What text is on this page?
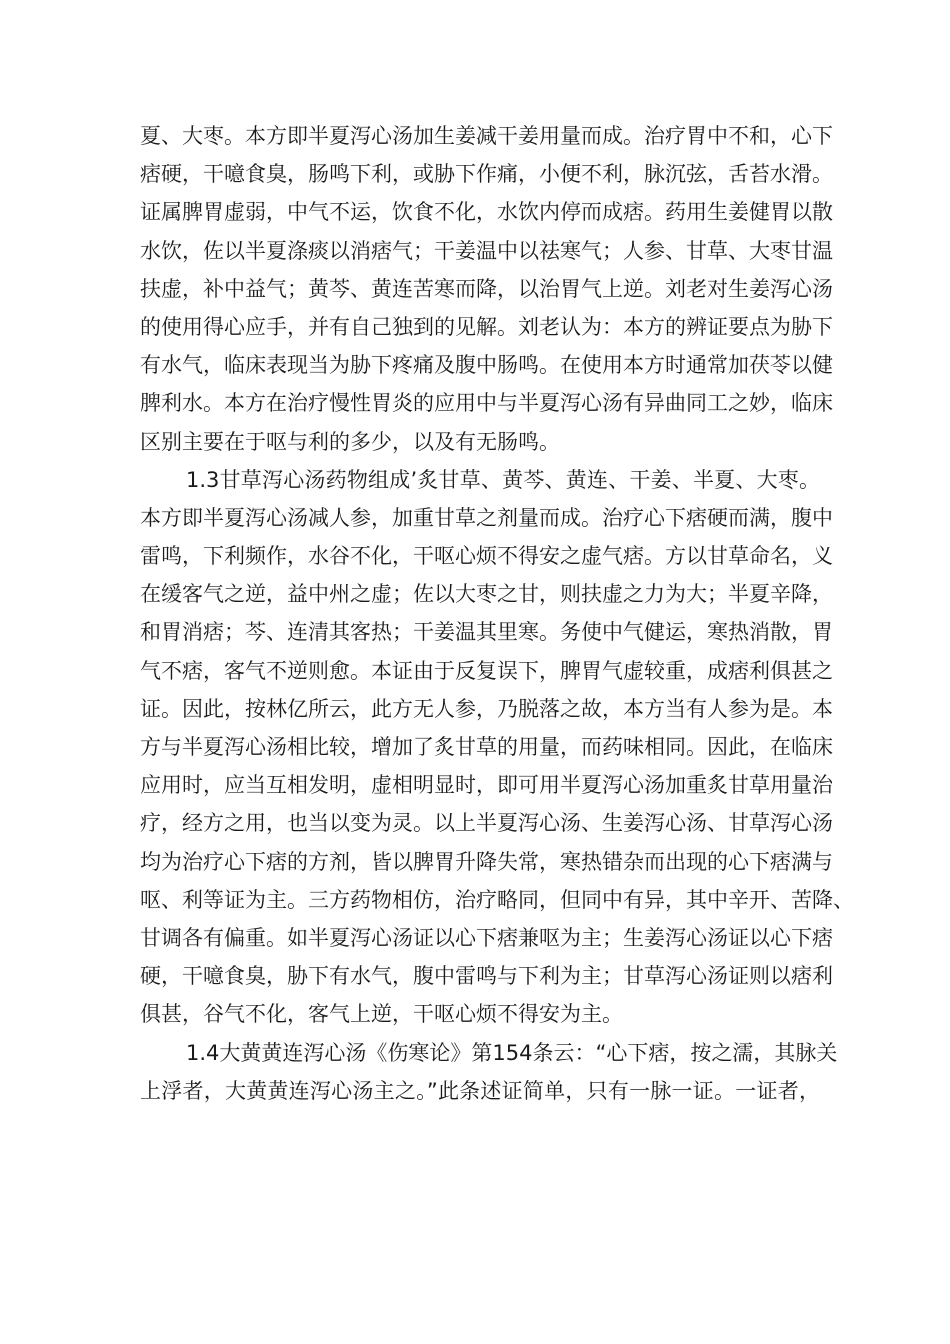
夏、大枣。本方即半夏泻心汤加生姜减干姜用量而成。治疗胃中不和，心下
痞硬，干噫食臭，肠鸣下利，或胁下作痛，小便不利，脉沉弦，舌苔水滑。
证属脾胃虚弱，中气不运，饮食不化，水饮内停而成痞。药用生姜健胃以散
水饮，佐以半夏涤痰以消痞气；干姜温中以祛寒气；人参、甘草、大枣甘温
扶虚，补中益气；黄芩、黄连苦寒而降，以治胃气上逆。刘老对生姜泻心汤
的使用得心应手，并有自己独到的见解。刘老认为：本方的辨证要点为胁下
有水气，临床表现当为胁下疼痛及腹中肠鸣。在使用本方时通常加茯苓以健
脾利水。本方在治疗慢性胃炎的应用中与半夏泻心汤有异曲同工之妙，临床
区别主要在于呕与利的多少，以及有无肠鸣。
1.3甘草泻心汤药物组成’炙甘草、黄芩、黄连、干姜、半夏、大枣。
本方即半夏泻心汤减人参，加重甘草之剂量而成。治疗心下痞硬而满，腹中
雷鸣，下利频作，水谷不化，干呕心烦不得安之虚气痞。方以甘草命名，义
在缓客气之逆，益中州之虚；佐以大枣之甘，则扶虚之力为大；半夏辛降，
和胃消痞；芩、连清其客热；干姜温其里寒。务使中气健运，寒热消散，胃
气不痞，客气不逆则愈。本证由于反复误下，脾胃气虚较重，成痞利俱甚之
证。因此，按林亿所云，此方无人参，乃脱落之故，本方当有人参为是。本
方与半夏泻心汤相比较，增加了炙甘草的用量，而药味相同。因此，在临床
应用时，应当互相发明，虚相明显时，即可用半夏泻心汤加重炙甘草用量治
疗，经方之用，也当以变为灵。以上半夏泻心汤、生姜泻心汤、甘草泻心汤
均为治疗心下痞的方剂，皆以脾胃升降失常，寒热错杂而出现的心下痞满与
呕、利等证为主。三方药物相仿，治疗略同，但同中有异，其中辛开、苦降、
甘调各有偏重。如半夏泻心汤证以心下痞兼呕为主；生姜泻心汤证以心下痞
硬，干噫食臭，胁下有水气，腹中雷鸣与下利为主；甘草泻心汤证则以痞利
俱甚，谷气不化，客气上逆，干呕心烦不得安为主。
1.4大黄黄连泻心汤《伤寒论》第154条云：“心下痞，按之濡，其脉关
上浮者，大黄黄连泻心汤主之。”此条述证简单，只有一脉一证。一证者，
